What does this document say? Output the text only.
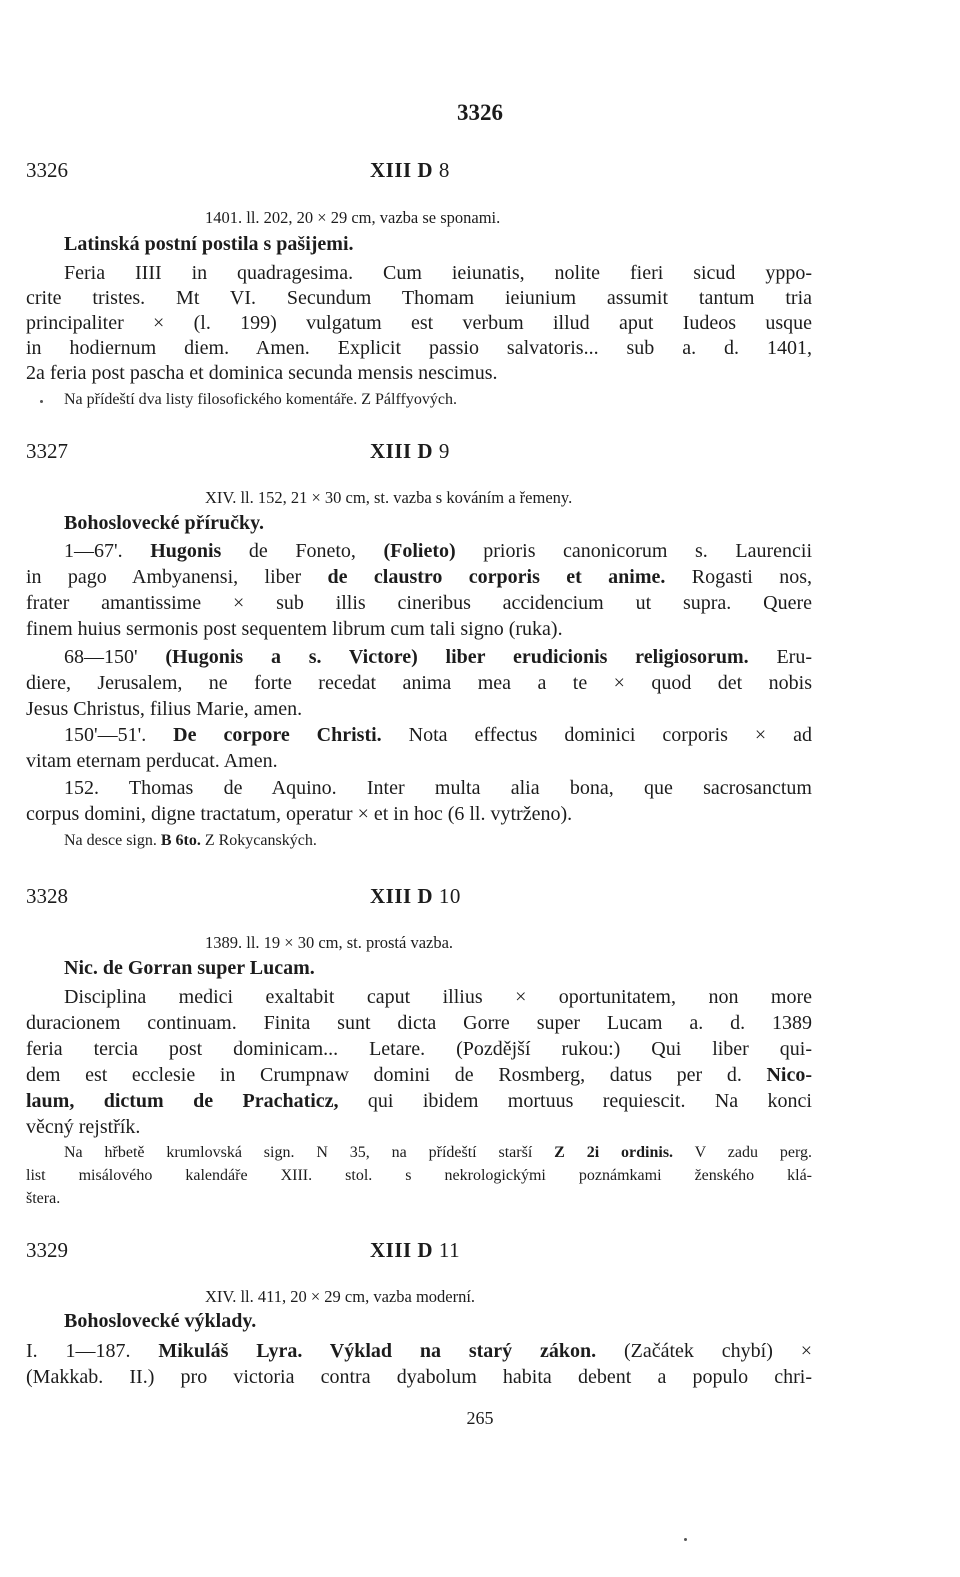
3326
3326	XIII D 8
1401. ll. 202, 20 × 29 cm, vazba se sponami.
Latinská postní postila s pašijemi.
Feria IIII in quadragesima. Cum ieiunatis, nolite fieri sicud yppo-
crite tristes. Mt VI. Secundum Thomam ieiunium assumit tantum tria
principaliter × (l. 199) vulgatum est verbum illud aput Iudeos usque
in hodiernum diem. Amen. Explicit passio salvatoris... sub a. d. 1401,
2a feria post pascha et dominica secunda mensis nescimus.
Na přídeští dva listy filosofického komentáře. Z Pálffyových.
3327	XIII D 9
XIV. ll. 152, 21 × 30 cm, st. vazba s kováním a řemeny.
Bohoslovecké příručky.
1—67'. Hugonis de Foneto, (Folieto) prioris canonicorum s. Laurencii
in pago Ambyanensi, liber de claustro corporis et anime. Rogasti nos,
frater amantissime × sub illis cineribus accidencium ut supra. Quere
finem huius sermonis post sequentem librum cum tali signo (ruka).
68—150' (Hugonis a s. Victore) liber erudicionis religiosorum. Eru-
diere, Jerusalem, ne forte recedat anima mea a te × quod det nobis
Jesus Christus, filius Marie, amen.
150'—51'. De corpore Christi. Nota effectus dominici corporis × ad
vitam eternam perducat. Amen.
152. Thomas de Aquino. Inter multa alia bona, que sacrosanctum
corpus domini, digne tractatum, operatur × et in hoc (6 ll. vytrženo).
Na desce sign. B 6to. Z Rokycanských.
3328	XIII D 10
1389. ll. 19 × 30 cm, st. prostá vazba.
Nic. de Gorran super Lucam.
Disciplina medici exaltabit caput illius × oportunitatem, non more
duracionem continuam. Finita sunt dicta Gorre super Lucam a. d. 1389
feria tercia post dominicam... Letare. (Pozdější rukou:) Qui liber qui-
dem est ecclesie in Crumpnaw domini de Rosmberg, datus per d. Nico-
laum, dictum de Prachaticz, qui ibidem mortuus requiescit. Na konci
věcný rejstřík.
Na hřbetě krumlovská sign. N 35, na přídeští starší Z 2i ordinis. V zadu perg.
list misálového kalendáře XIII. stol. s nekrologickými poznámkami ženského klá-
štera.
3329	XIII D 11
XIV. ll. 411, 20 × 29 cm, vazba moderní.
Bohoslovecké výklady.
I. 1—187. Mikuláš Lyra. Výklad na starý zákon. (Začátek chybí) ×
(Makkab. II.) pro victoria contra dyabolum habita debent a populo chri-
265
